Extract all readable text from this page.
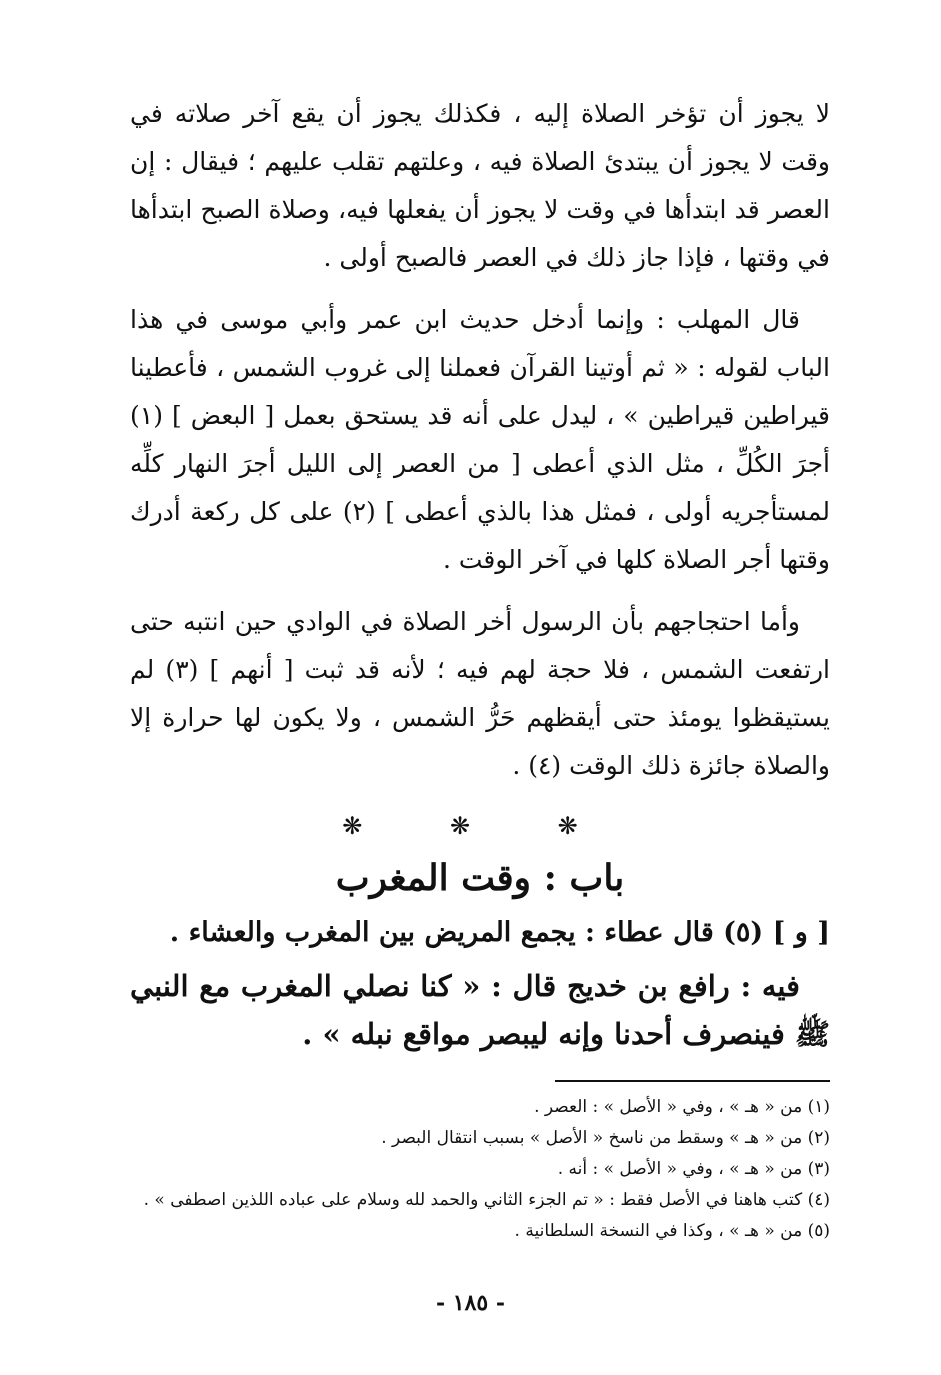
لا يجوز أن تؤخر الصلاة إليه ، فكذلك يجوز أن يقع آخر صلاته في وقت لا يجوز أن يبتدئ الصلاة فيه ، وعلتهم تقلب عليهم ؛ فيقال : إن العصر قد ابتدأها في وقت لا يجوز أن يفعلها فيه، وصلاة الصبح ابتدأها في وقتها ، فإذا جاز ذلك في العصر فالصبح أولى .

قال المهلب : وإنما أدخل حديث ابن عمر وأبي موسى في هذا الباب لقوله : « ثم أوتينا القرآن فعملنا إلى غروب الشمس ، فأعطينا قيراطين قيراطين » ، ليدل على أنه قد يستحق بعمل [ البعض ] (١) أجرَ الكُلِّ ، مثل الذي أعطى [ من العصر إلى الليل أجرَ النهار كلِّه لمستأجريه أولى ، فمثل هذا بالذي أعطى ] (٢) على كل ركعة أدرك وقتها أجر الصلاة كلها في آخر الوقت .

وأما احتجاجهم بأن الرسول أخر الصلاة في الوادي حين انتبه حتى ارتفعت الشمس ، فلا حجة لهم فيه ؛ لأنه قد ثبت [ أنهم ] (٣) لم يستيقظوا يومئذ حتى أيقظهم حَرُّ الشمس ، ولا يكون لها حرارة إلا والصلاة جائزة ذلك الوقت (٤) .

❋ ❋ ❋
باب : وقت المغرب

[ و ] (٥) قال عطاء : يجمع المريض بين المغرب والعشاء .

فيه : رافع بن خديج قال : « كنا نصلي المغرب مع النبي ﷺ فينصرف أحدنا وإنه ليبصر مواقع نبله » .

(١) من « هـ » ، وفي « الأصل » : العصر .

(٢) من « هـ » وسقط من ناسخ « الأصل » بسبب انتقال البصر .

(٣) من « هـ » ، وفي « الأصل » : أنه .

(٤) كتب هاهنا في الأصل فقط : « تم الجزء الثاني والحمد لله وسلام على عباده اللذين اصطفى » .

(٥) من « هـ » ، وكذا في النسخة السلطانية .

- ١٨٥ -
